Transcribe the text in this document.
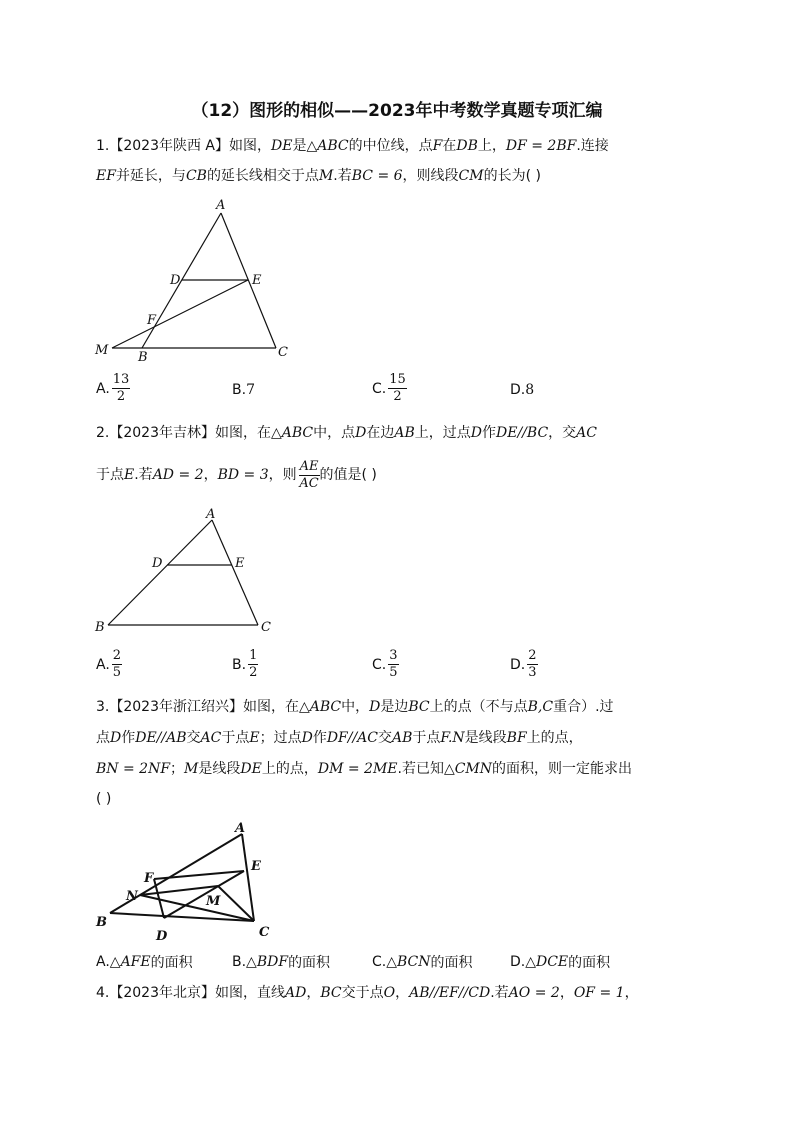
（12）图形的相似——2023年中考数学真题专项汇编
1.【2023年陕西 A】如图，DE是△ABC的中位线，点F在DB上，DF = 2BF.连接
EF并延长，与CB的延长线相交于点M.若BC = 6，则线段CM的长为( )
A
D	E
F
M B	C
A. $\frac{13}{2}$	B. 7	C. $\frac{15}{2}$	D. 8
2.【2023年吉林】如图，在△ABC中，点D在边AB上，过点D作DE//BC，交AC
于点 E .若 AD = 2 ， BD = 3 ，则 $\frac{AE}{AC}$ 的值是( )
A
D	E
B	C
A. $\frac{2}{5}$	B. $\frac{1}{2}$	C. $\frac{3}{5}$	D. $\frac{2}{3}$
3.【2023年浙江绍兴】如图，在△ABC中，D是边BC上的点（不与点B,C重合）.过
点D作DE//AB交AC于点E；过点D作DF//AC交AB于点F.N是线段BF上的点，
BN = 2NF；M是线段DE上的点，DM = 2ME.若已知△CMN的面积，则一定能求出
( )
A
E
F
N	M
B
D	C
A.△ AFE 的面积	B.△ BDF 的面积	C.△ BCN 的面积	D.△ DCE 的面积
4.【2023年北京】如图，直线AD，BC交于点O，AB//EF//CD.若AO = 2，OF = 1，
